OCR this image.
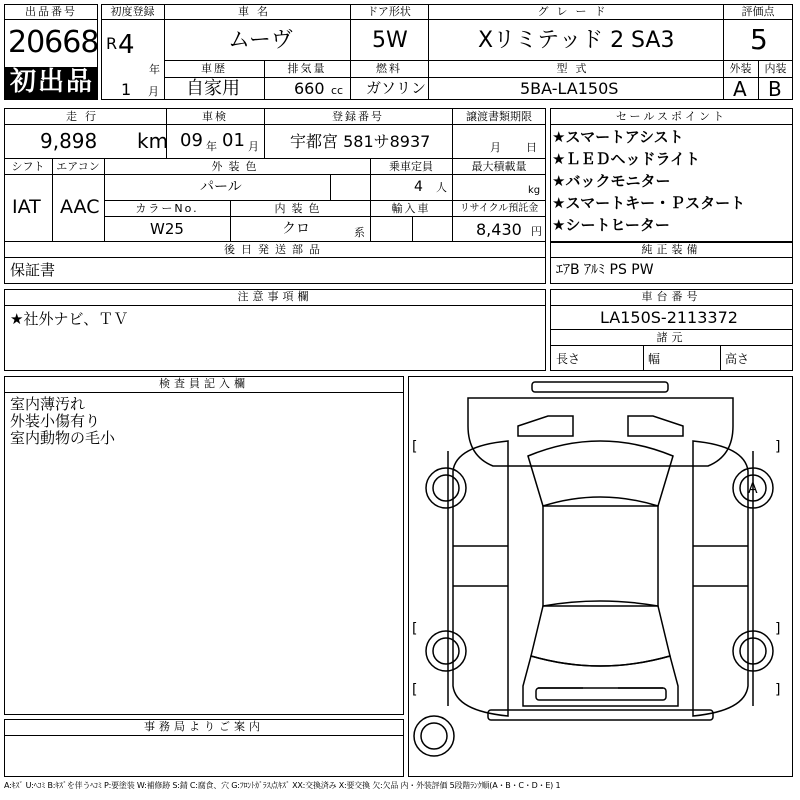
出品番号
20668
初出品
初度登録
R 4
年
1 月
車名
ムーヴ
ドア形状
5W
グレード
Xリミテッド 2 SA3
評価点
5
車歴
自家用
排気量
660 cc
燃料
ガソリン
型式
5BA-LA150S
外装
A
内装
B
走行
9,898 km
車検
09 年 01 月
登録番号
宇都宮 581サ8937
譲渡書類期限
月 日
シフト
IAT
エアコン
AAC
外装色
パール
乗車定員
4 人
最大積載量
kg
カラーNo.
W25
内装色
クロ	系
輸入車	リサイクル預託金
8,430 円
後日発送部品
保証書
セールスポイント
★スマートアシスト
★ＬＥＤヘッドライト
★バックモニター
★スマートキー・Ｐスタート
★シートヒーター
純正装備
ｴｱB ｱﾙﾐ PS PW
注意事項欄
★社外ナビ、ＴＶ
車台番号
LA150S-2113372
諸元
長さ	幅	高さ
検査員記入欄
室内薄汚れ
外装小傷有り
室内動物の毛小
事務局よりご案内
A
[	]
[	]
[	]
A:ｷｽﾞ U:ﾍｺﾐ B:ｷｽﾞを伴うﾍｺﾐ P:要塗装 W:補修跡 S:錆 C:腐食、穴 G:ﾌﾛﾝﾄｶﾞﾗｽ点ｷｽﾞ XX:交換済み X:要交換 欠:欠品 内・外装評価 5段階ﾗﾝｸ順(A・B・C・D・E) 1
